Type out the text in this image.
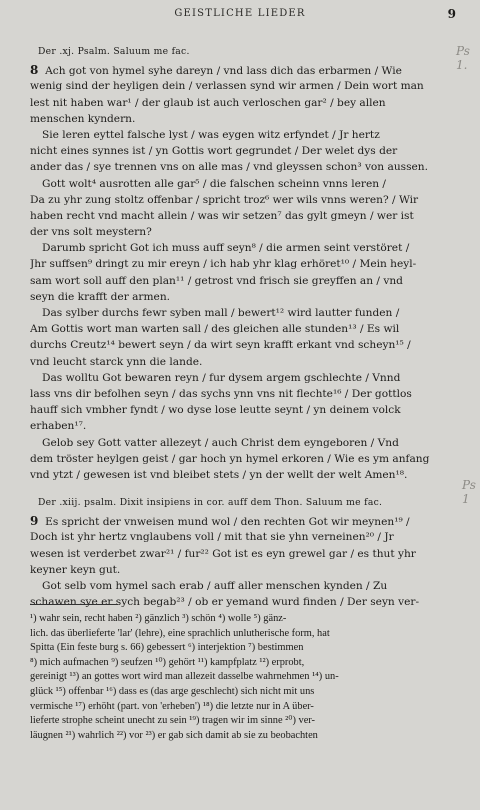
GEISTLICHE LIEDER	9
Ps 1.
Ps 1
Der .xj. Psalm. Saluum me fac.
8 Ach got von hymel syhe dareyn / vnd lass dich das erbarmen / Wie
wenig sind der heyligen dein / verlassen synd wir armen / Dein wort man
lest nit haben war¹ / der glaub ist auch verloschen gar² / bey allen
menschen kyndern.
Sie leren eyttel falsche lyst / was eygen witz erfyndet / Jr hertz
nicht eines synnes ist / yn Gottis wort gegrundet / Der welet dys der
ander das / sye trennen vns on alle mas / vnd gleyssen schon³ von aussen.
Gott wolt⁴ ausrotten alle gar⁵ / die falschen scheinn vnns leren /
Da zu yhr zung stoltz offenbar / spricht troz⁶ wer wils vnns weren? / Wir
haben recht vnd macht allein / was wir setzen⁷ das gylt gmeyn / wer ist
der vns solt meystern?
Darumb spricht Got ich muss auff seyn⁸ / die armen seint verstöret /
Jhr suffsen⁹ dringt zu mir ereyn / ich hab yhr klag erhöret¹⁰ / Mein heyl-
sam wort soll auff den plan¹¹ / getrost vnd frisch sie greyffen an / vnd
seyn die krafft der armen.
Das sylber durchs fewr syben mall / bewert¹² wird lautter funden /
Am Gottis wort man warten sall / des gleichen alle stunden¹³ / Es wil
durchs Creutz¹⁴ bewert seyn / da wirt seyn krafft erkant vnd scheyn¹⁵ /
vnd leucht starck ynn die lande.
Das wolltu Got bewaren reyn / fur dysem argem gschlechte / Vnnd
lass vns dir befolhen seyn / das sychs ynn vns nit flechte¹⁶ / Der gottlos
hauff sich vmbher fyndt / wo dyse lose leutte seynt / yn deinem volck
erhaben¹⁷.
Gelob sey Gott vatter allezeyt / auch Christ dem eyngeboren / Vnd
dem tröster heylgen geist / gar hoch yn hymel erkoren / Wie es ym anfang
vnd ytzt / gewesen ist vnd bleibet stets / yn der wellt der welt Amen¹⁸.
Der .xiij. psalm. Dixit insipiens in cor. auff dem Thon. Saluum me fac.
9 Es spricht der vnweisen mund wol / den rechten Got wir meynen¹⁹ /
Doch ist yhr hertz vnglaubens voll / mit that sie yhn verneinen²⁰ / Jr
wesen ist verderbet zwar²¹ / fur²² Got ist es eyn grewel gar / es thut yhr
keyner keyn gut.
Got selb vom hymel sach erab / auff aller menschen kynden / Zu
schawen sye er sych begab²³ / ob er yemand wurd finden / Der seyn ver-
¹) wahr sein, recht haben ²) gänzlich ³) schön ⁴) wolle ⁵) gänz-
lich. das überlieferte 'lar' (lehre), eine sprachlich unlutherische form, hat
Spitta (Ein feste burg s. 66) gebessert ⁶) interjektion ⁷) bestimmen
⁸) mich aufmachen ⁹) seufzen ¹⁰) gehört ¹¹) kampfplatz ¹²) erprobt,
gereinigt ¹³) an gottes wort wird man allezeit dasselbe wahrnehmen ¹⁴) un-
glück ¹⁵) offenbar ¹⁶) dass es (das arge geschlecht) sich nicht mit uns
vermische ¹⁷) erhöht (part. von 'erheben') ¹⁸) die letzte nur in A über-
lieferte strophe scheint unecht zu sein ¹⁹) tragen wir im sinne ²⁰) ver-
läugnen ²¹) wahrlich ²²) vor ²³) er gab sich damit ab sie zu beobachten
